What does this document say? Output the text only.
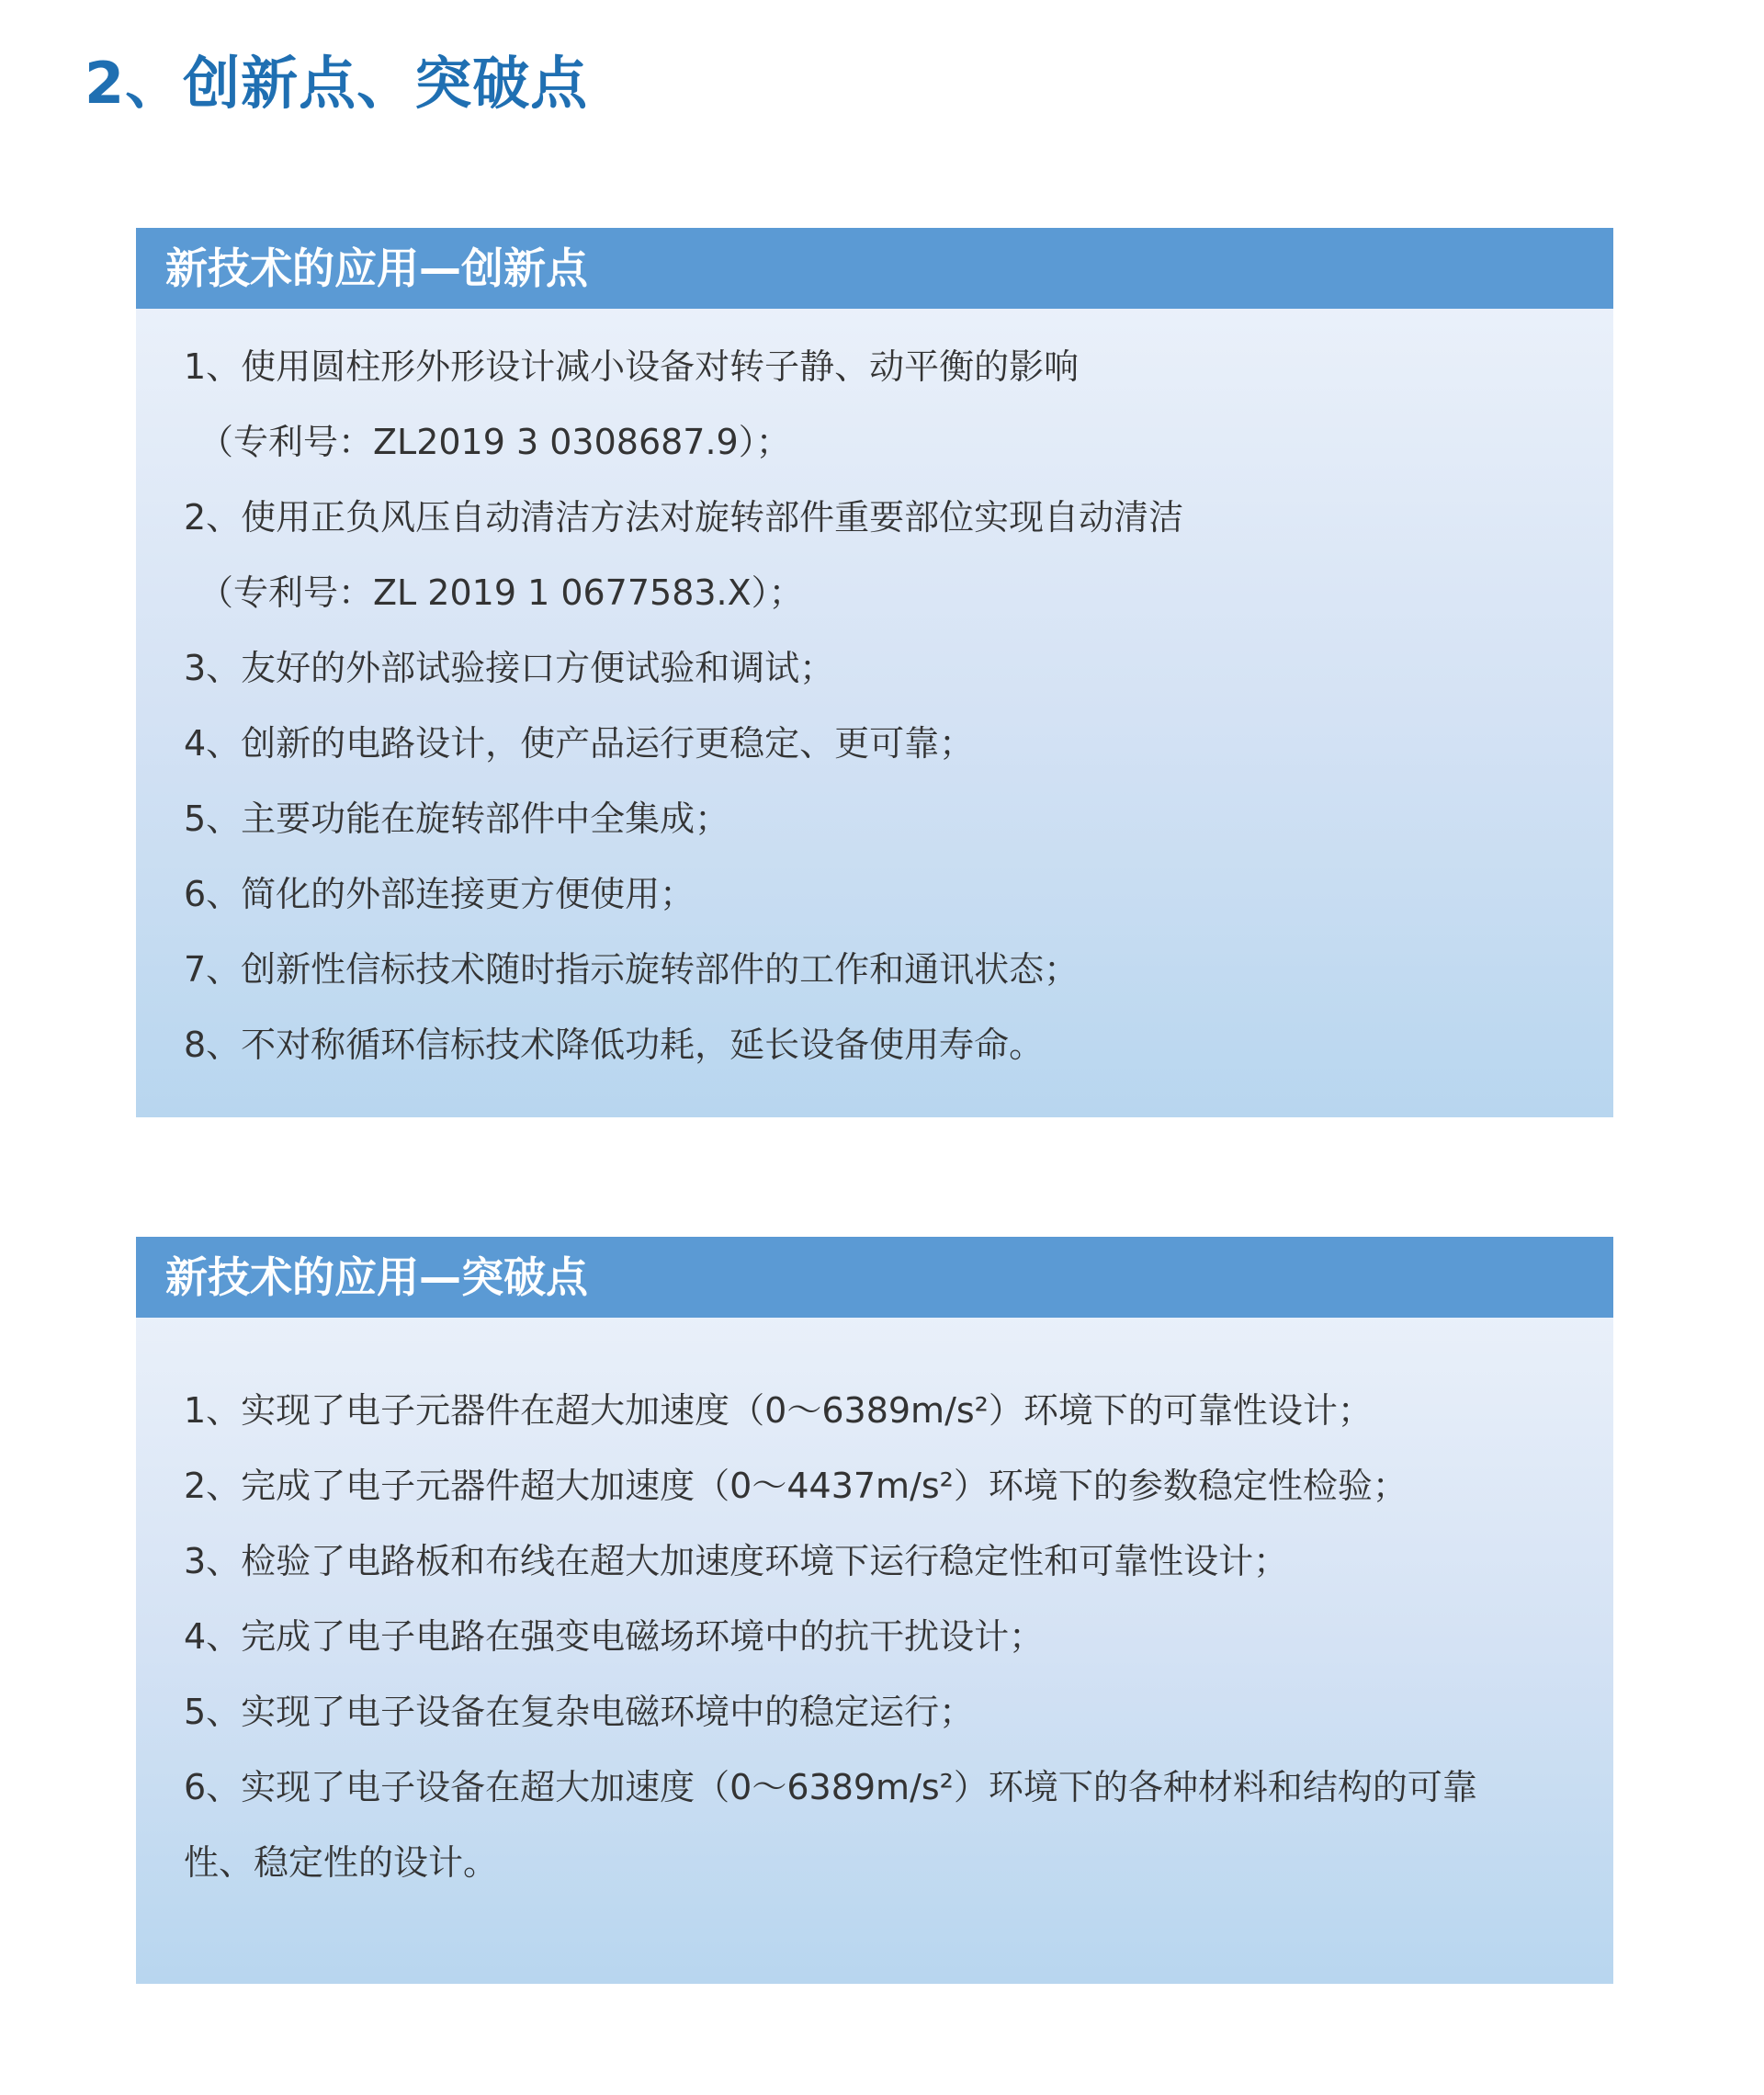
2、创新点、突破点
新技术的应用—创新点
1、使用圆柱形外形设计减小设备对转子静、动平衡的影响
（专利号：ZL2019 3 0308687.9）；
2、使用正负风压自动清洁方法对旋转部件重要部位实现自动清洁
（专利号：ZL 2019 1 0677583.X）；
3、友好的外部试验接口方便试验和调试；
4、创新的电路设计，使产品运行更稳定、更可靠；
5、主要功能在旋转部件中全集成；
6、简化的外部连接更方便使用；
7、创新性信标技术随时指示旋转部件的工作和通讯状态；
8、不对称循环信标技术降低功耗，延长设备使用寿命。
新技术的应用—突破点
1、实现了电子元器件在超大加速度（0～6389m/s²）环境下的可靠性设计；
2、完成了电子元器件超大加速度（0～4437m/s²）环境下的参数稳定性检验；
3、检验了电路板和布线在超大加速度环境下运行稳定性和可靠性设计；
4、完成了电子电路在强变电磁场环境中的抗干扰设计；
5、实现了电子设备在复杂电磁环境中的稳定运行；
6、实现了电子设备在超大加速度（0～6389m/s²）环境下的各种材料和结构的可靠
性、稳定性的设计。
